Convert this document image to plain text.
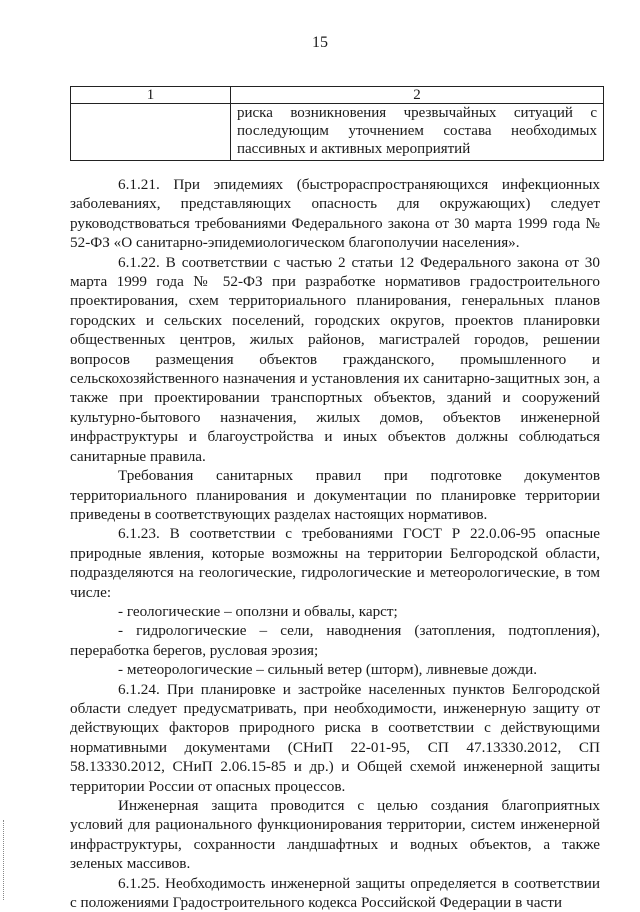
15
1	2
	риска возникновения чрезвычайных ситуаций с последующим уточнением состава необходимых пассивных и активных мероприятий

6.1.21. При эпидемиях (быстрораспространяющихся инфекционных заболеваниях, представляющих опасность для окружающих) следует руководствоваться требованиями Федерального закона от 30 марта 1999 года № 52-ФЗ «О санитарно-эпидемиологическом благополучии населения».

6.1.22. В соответствии с частью 2 статьи 12 Федерального закона от 30 марта 1999 года № 52-ФЗ при разработке нормативов градостроительного проектирования, схем территориального планирования, генеральных планов городских и сельских поселений, городских округов, проектов планировки общественных центров, жилых районов, магистралей городов, решении вопросов размещения объектов гражданского, промышленного и сельскохозяйственного назначения и установления их санитарно-защитных зон, а также при проектировании транспортных объектов, зданий и сооружений культурно-бытового назначения, жилых домов, объектов инженерной инфраструктуры и благоустройства и иных объектов должны соблюдаться санитарные правила.

Требования санитарных правил при подготовке документов территориального планирования и документации по планировке территории приведены в соответствующих разделах настоящих нормативов.

6.1.23. В соответствии с требованиями ГОСТ Р 22.0.06-95 опасные природные явления, которые возможны на территории Белгородской области, подразделяются на геологические, гидрологические и метеорологические, в том числе:

- геологические – оползни и обвалы, карст;

- гидрологические – сели, наводнения (затопления, подтопления), переработка берегов, русловая эрозия;

- метеорологические – сильный ветер (шторм), ливневые дожди.

6.1.24. При планировке и застройке населенных пунктов Белгородской области следует предусматривать, при необходимости, инженерную защиту от действующих факторов природного риска в соответствии с действующими нормативными документами (СНиП 22-01-95, СП 47.13330.2012, СП 58.13330.2012, СНиП 2.06.15-85 и др.) и Общей схемой инженерной защиты территории России от опасных процессов.

Инженерная защита проводится с целью создания благоприятных условий для рационального функционирования территории, систем инженерной инфраструктуры, сохранности ландшафтных и водных объектов, а также зеленых массивов.

6.1.25. Необходимость инженерной защиты определяется в соответствии с положениями Градостроительного кодекса Российской Федерации в части
